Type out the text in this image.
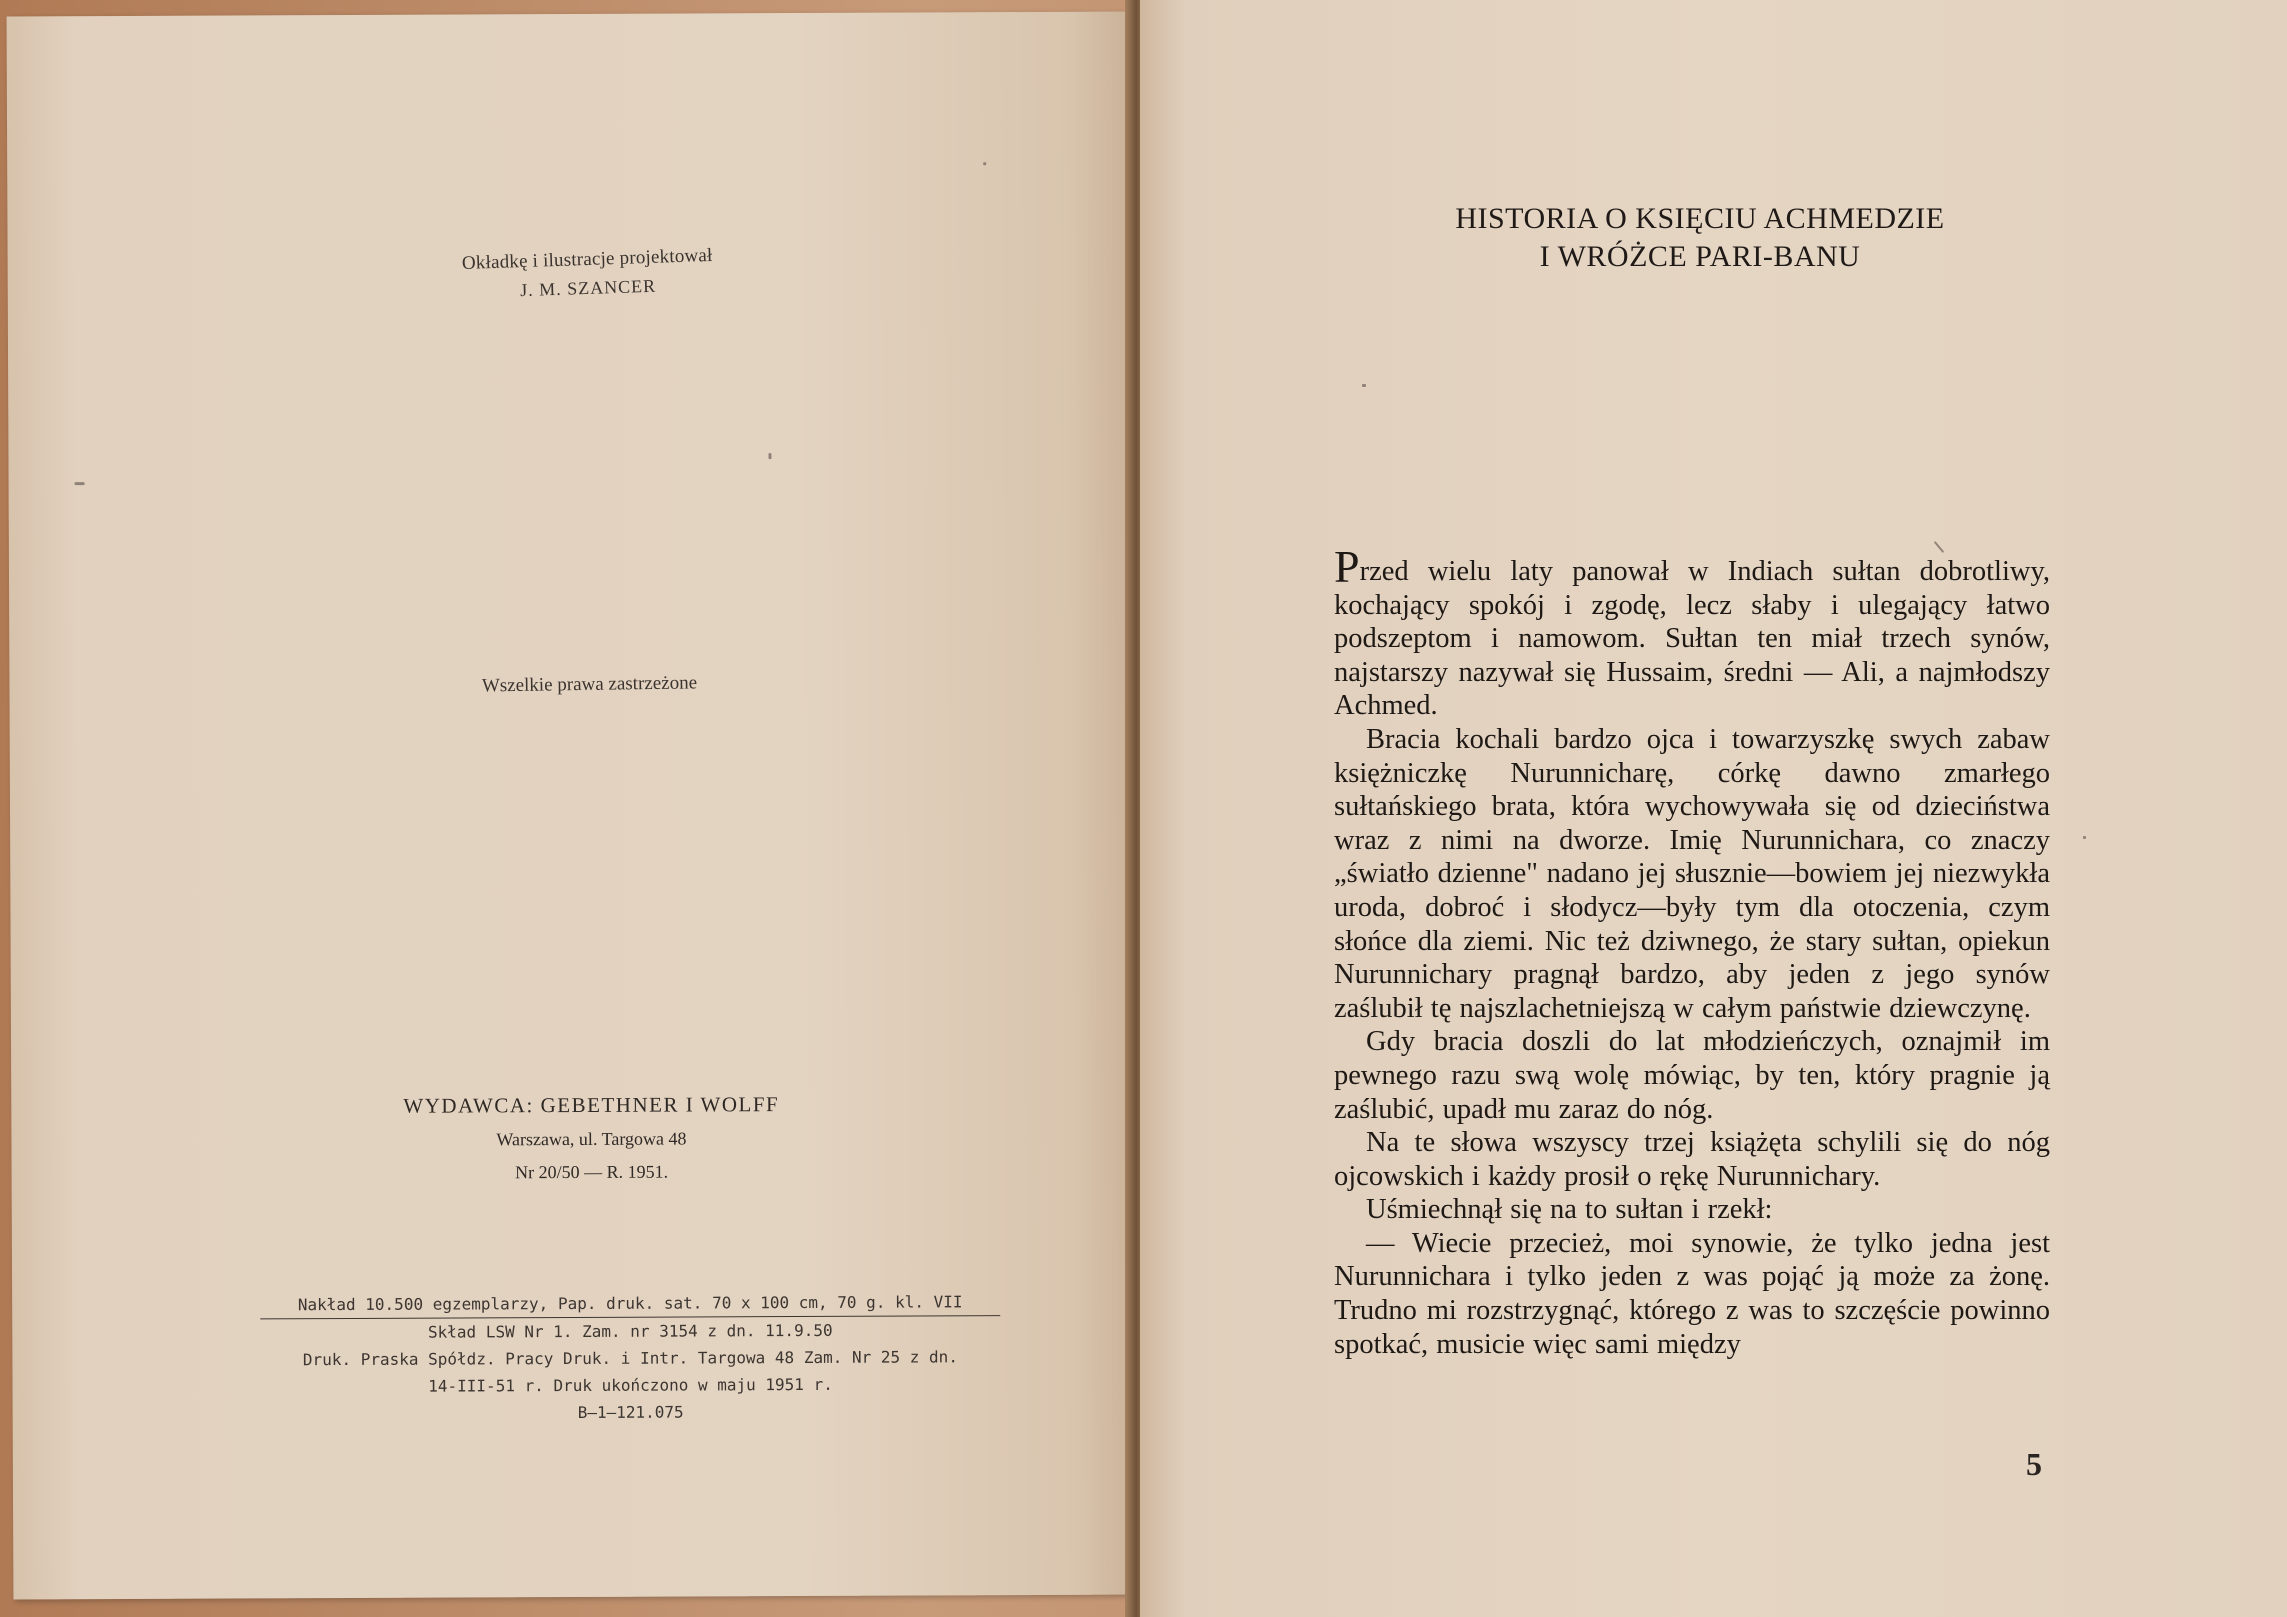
Okładkę i ilustracje projektował
J. M. SZANCER
Wszelkie prawa zastrzeżone
WYDAWCA: GEBETHNER I WOLFF
Warszawa, ul. Targowa 48
Nr 20/50 — R. 1951.
Nakład 10.500 egzemplarzy, Pap. druk. sat. 70 x 100 cm, 70 g. kl. VII
Skład LSW Nr 1. Zam. nr 3154 z dn. 11.9.50
Druk. Praska Spółdz. Pracy Druk. i Intr. Targowa 48 Zam. Nr 25 z dn.
14-III-51 r. Druk ukończono w maju 1951 r.
B—1—121.075
HISTORIA O KSIĘCIU ACHMEDZIE
I WRÓŻCE PARI-BANU

Przed wielu laty panował w Indiach sułtan dobrotliwy, kochający spokój i zgodę, lecz słaby i ulegający łatwo podszeptom i namowom. Sułtan ten miał trzech synów, najstarszy nazywał się Hussaim, średni — Ali, a najmłodszy Achmed.

Bracia kochali bardzo ojca i towarzyszkę swych zabaw księżniczkę Nurunnicharę, córkę dawno zmarłego sułtańskiego brata, która wychowywała się od dzieciństwa wraz z nimi na dworze. Imię Nurunnichara, co znaczy „światło dzienne" nadano jej słusznie—bowiem jej niezwykła uroda, dobroć i słodycz—były tym dla otoczenia, czym słońce dla ziemi. Nic też dziwnego, że stary sułtan, opiekun Nurunnichary pragnął bardzo, aby jeden z jego synów zaślubił tę najszlachetniejszą w całym państwie dziewczynę.

Gdy bracia doszli do lat młodzieńczych, oznajmił im pewnego razu swą wolę mówiąc, by ten, który pragnie ją zaślubić, upadł mu zaraz do nóg.

Na te słowa wszyscy trzej książęta schylili się do nóg ojcowskich i każdy prosił o rękę Nurunnichary.

Uśmiechnął się na to sułtan i rzekł:

— Wiecie przecież, moi synowie, że tylko jedna jest Nurunnichara i tylko jeden z was pojąć ją może za żonę. Trudno mi rozstrzygnąć, którego z was to szczęście powinno spotkać, musicie więc sami między

5
